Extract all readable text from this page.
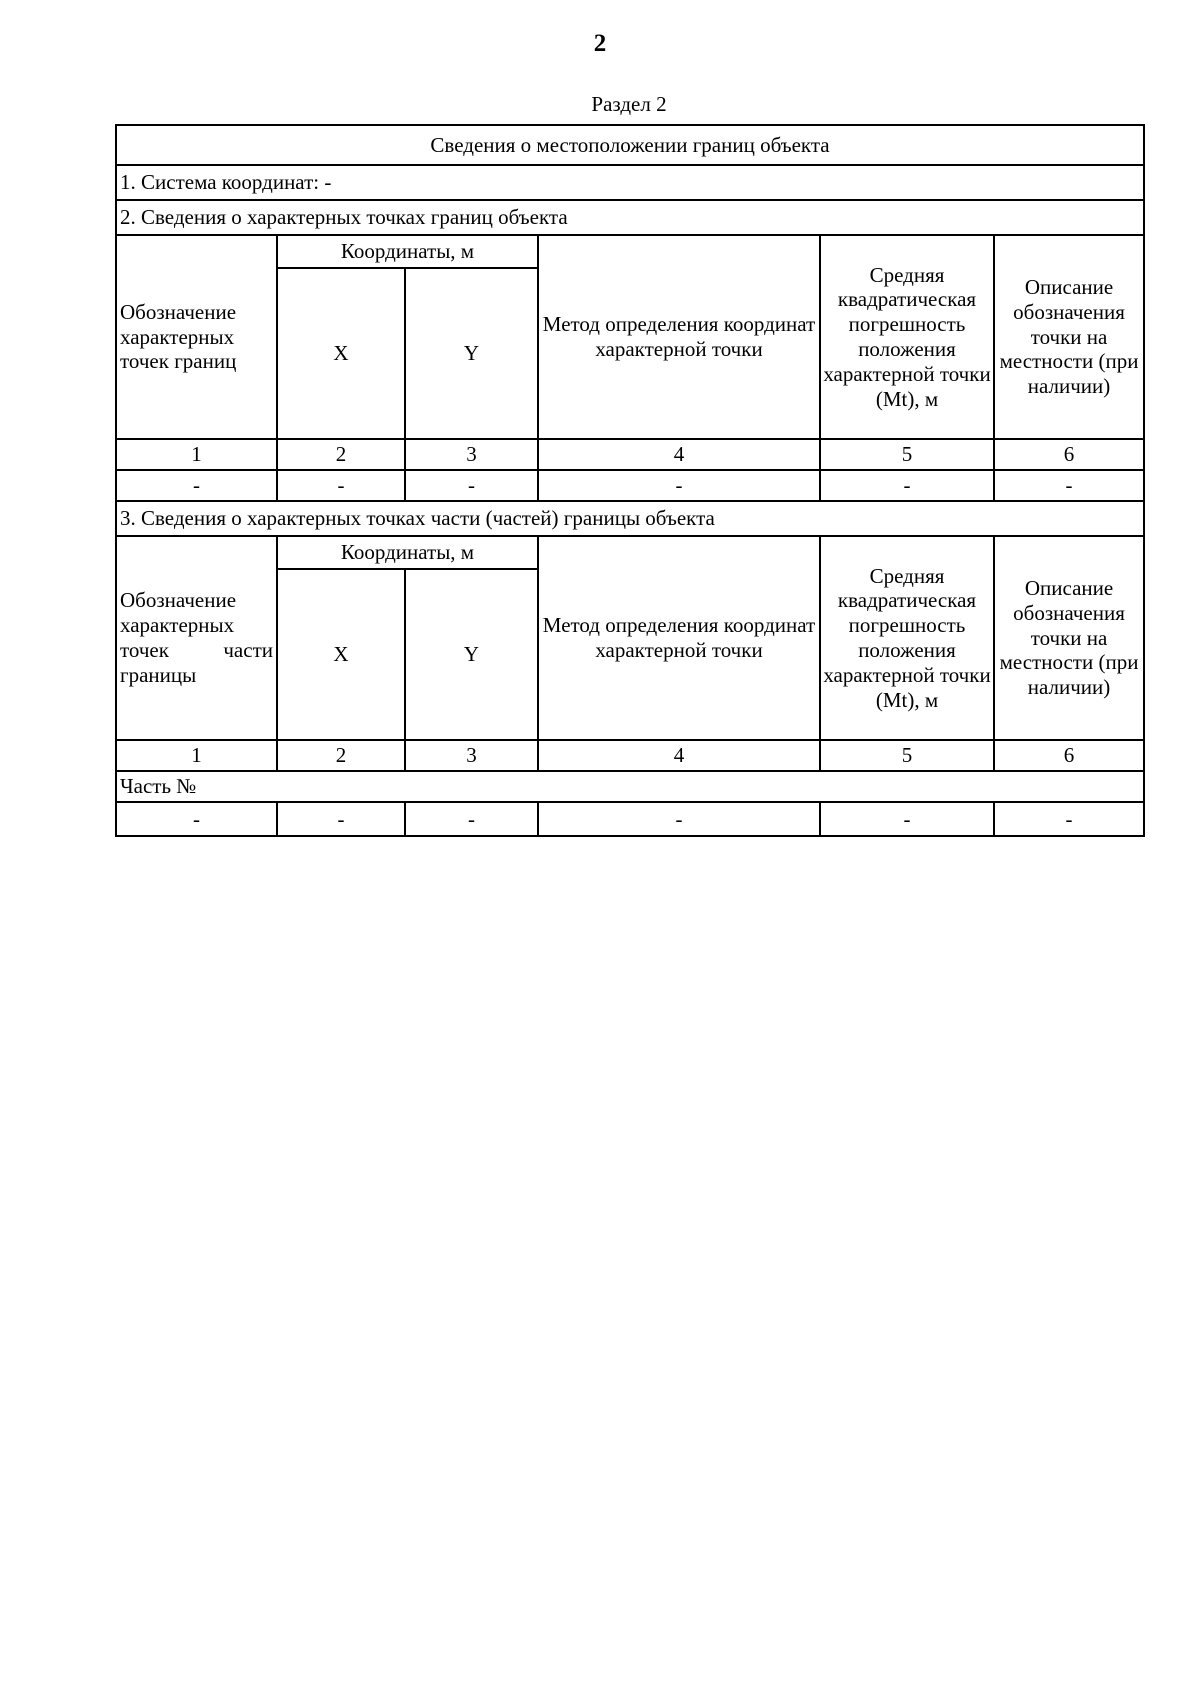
2
Раздел 2
Сведения о местоположении границ объекта					
1. Система координат: -					
2. Сведения о характерных точках границ объекта					
Обозначение характерных точек границ	Координаты, м		Метод определения координат характерной точки	Средняя квадратическая погрешность положения характерной точки (Mt), м	Описание обозначения точки на местности (при наличии)
	X	Y			
1	2	3	4	5	6
-	-	-	-	-	-
3. Сведения о характерных точках части (частей) границы объекта					

Обозначение
характерных
точек части
границы	Координаты, м		Метод определения координат характерной точки	Средняя квадратическая погрешность положения характерной точки (Mt), м	Описание обозначения точки на местности (при наличии)
	X	Y			
1	2	3	4	5	6
Часть №					
-	-	-	-	-	-
